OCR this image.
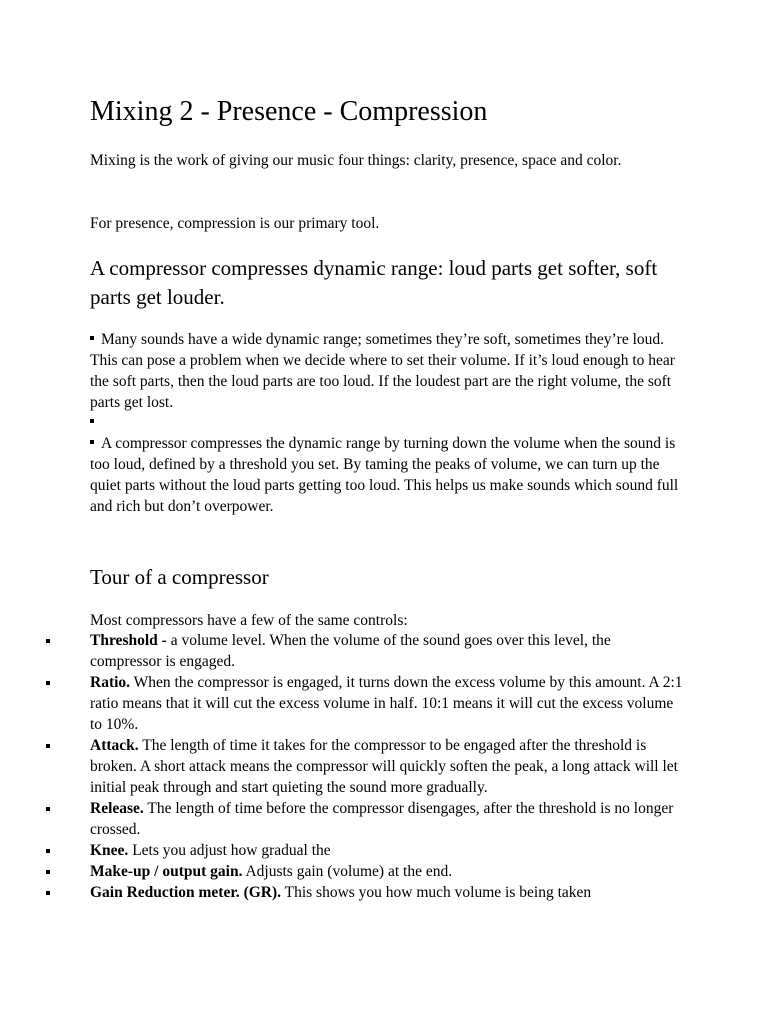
Mixing 2 - Presence - Compression
Mixing is the work of giving our music four things: clarity, presence, space and color.
For presence, compression is our primary tool.
A compressor compresses dynamic range: loud parts get softer, soft parts get louder.
Many sounds have a wide dynamic range; sometimes they’re soft, sometimes they’re loud. This can pose a problem when we decide where to set their volume. If it’s loud enough to hear the soft parts, then the loud parts are too loud. If the loudest part are the right volume, the soft parts get lost.
A compressor compresses the dynamic range by turning down the volume when the sound is too loud, defined by a threshold you set. By taming the peaks of volume, we can turn up the quiet parts without the loud parts getting too loud. This helps us make sounds which sound full and rich but don’t overpower.
Tour of a compressor
Most compressors have a few of the same controls:
Threshold - a volume level. When the volume of the sound goes over this level, the compressor is engaged.
Ratio. When the compressor is engaged, it turns down the excess volume by this amount. A 2:1 ratio means that it will cut the excess volume in half. 10:1 means it will cut the excess volume to 10%.
Attack. The length of time it takes for the compressor to be engaged after the threshold is broken. A short attack means the compressor will quickly soften the peak, a long attack will let initial peak through and start quieting the sound more gradually.
Release. The length of time before the compressor disengages, after the threshold is no longer crossed.
Knee. Lets you adjust how gradual the
Make-up / output gain. Adjusts gain (volume) at the end.
Gain Reduction meter. (GR). This shows you how much volume is being taken
